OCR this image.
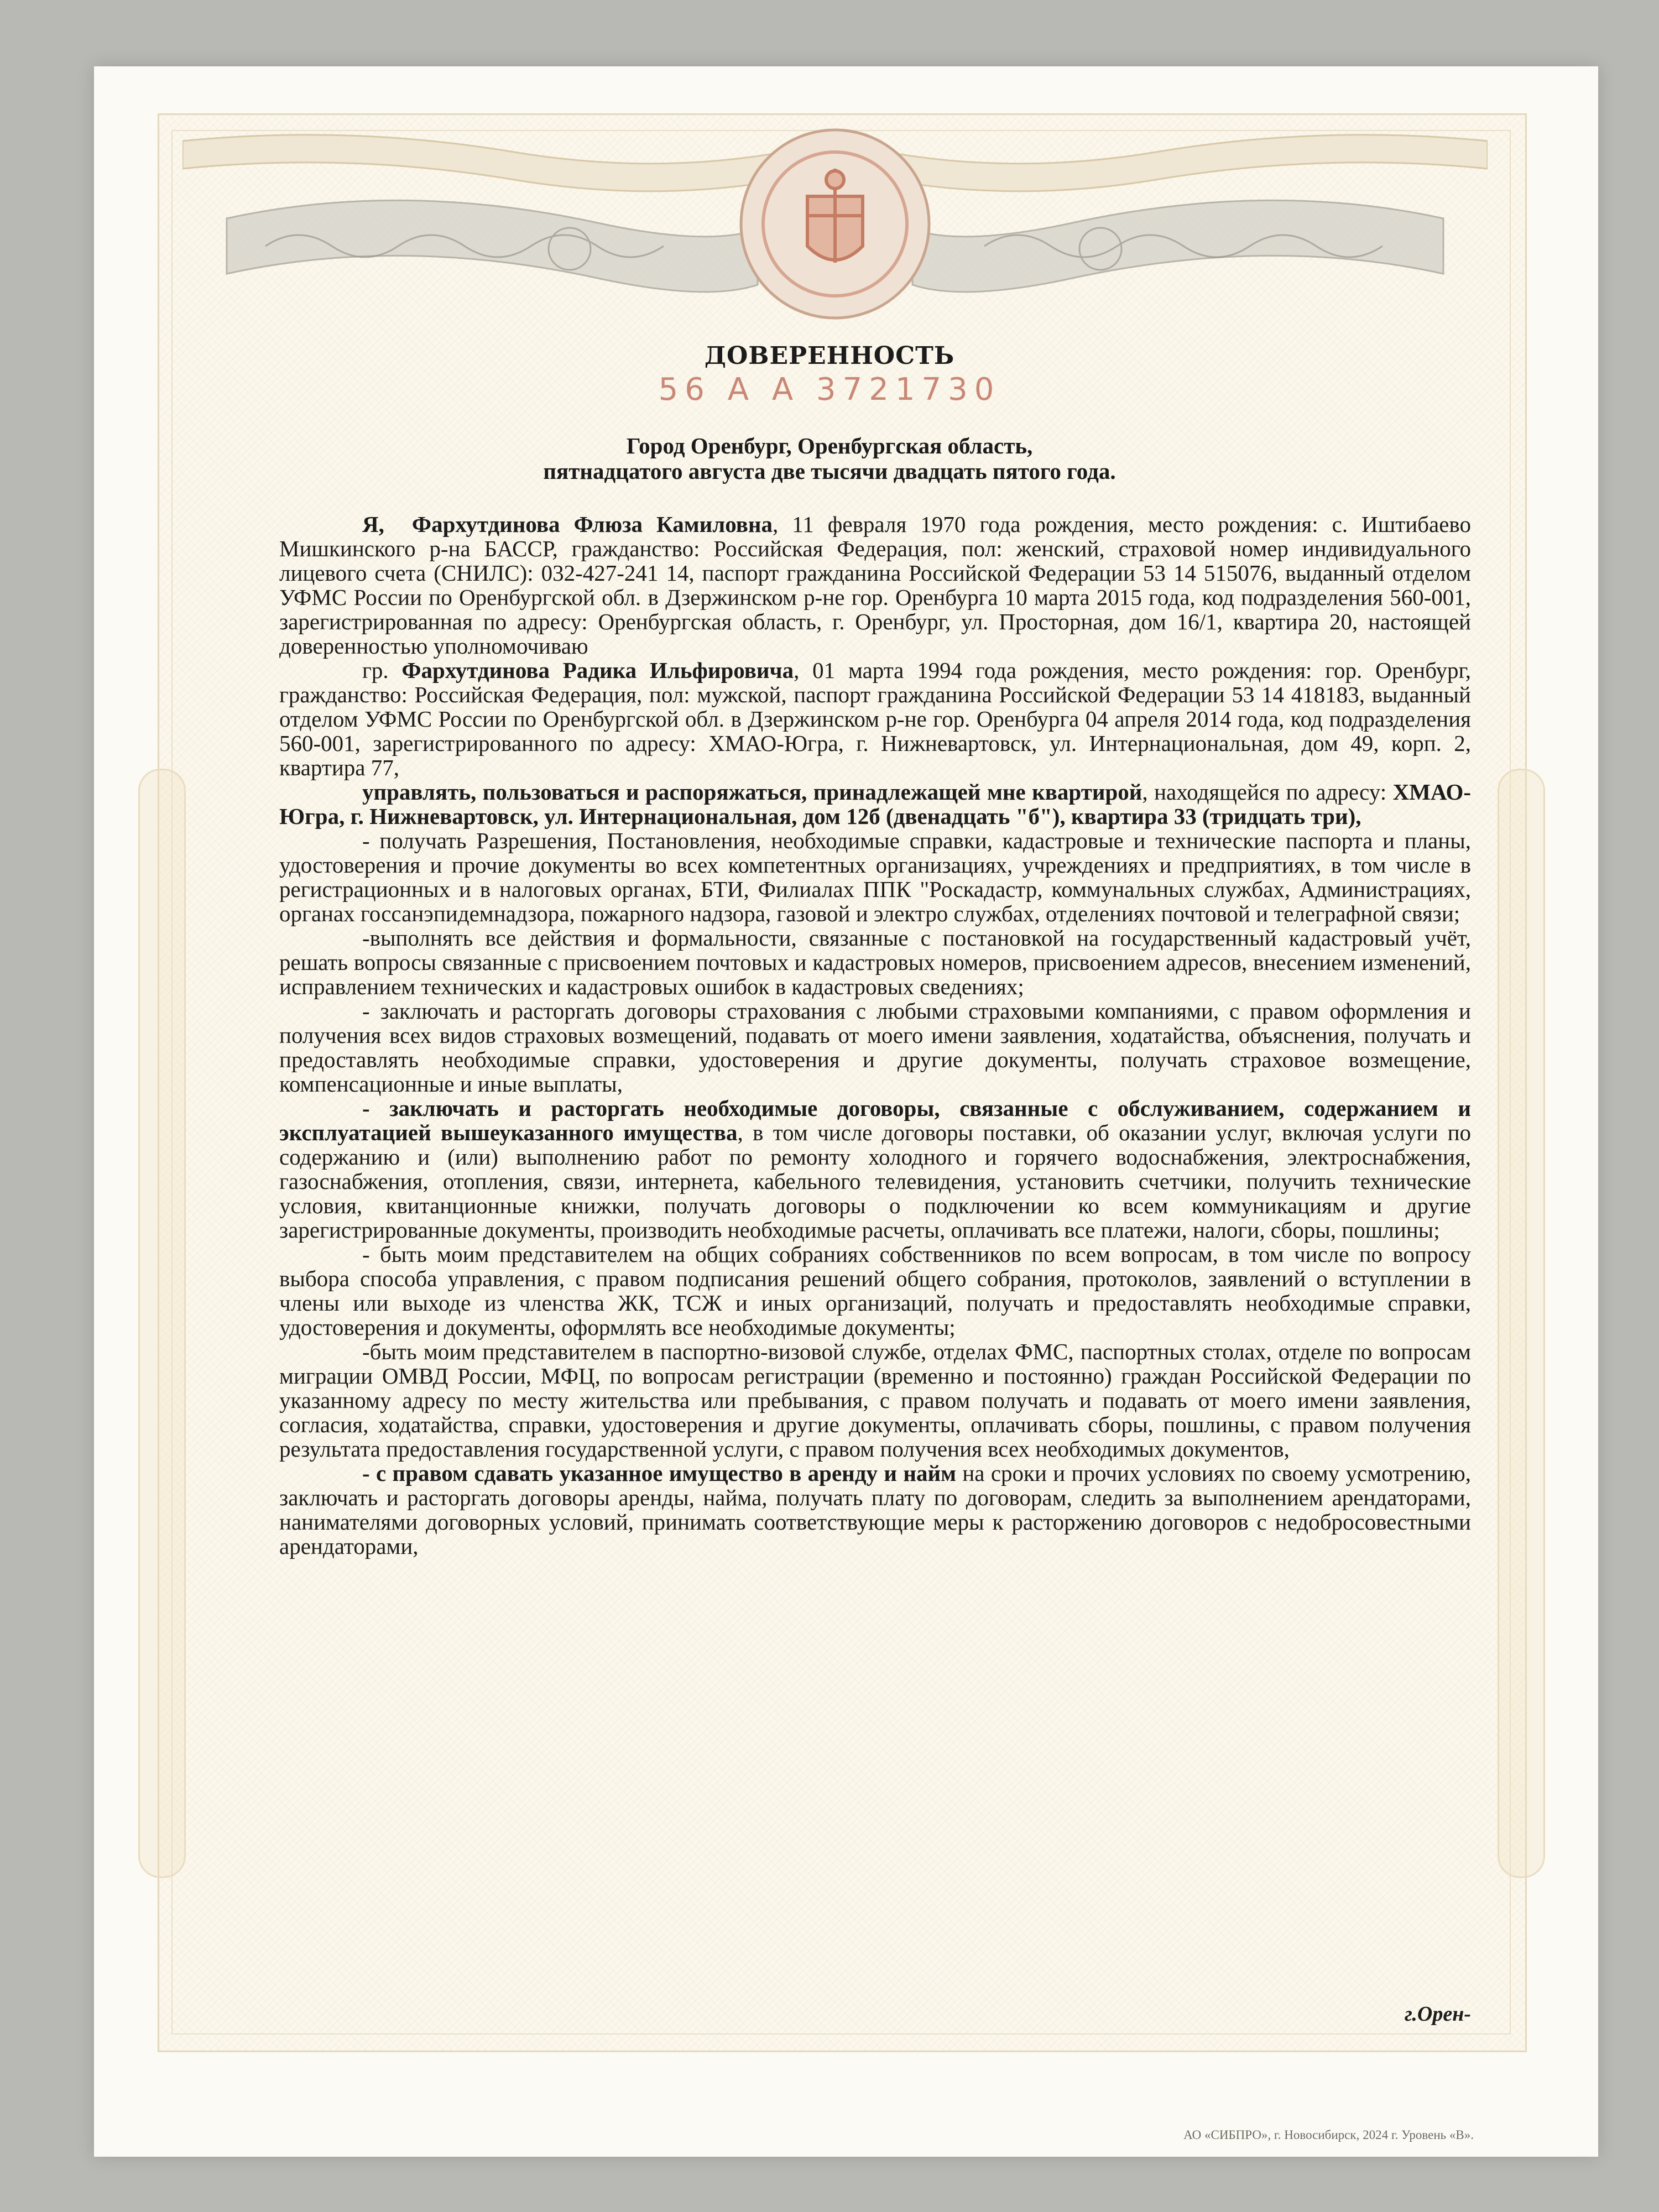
ДОВЕРЕННОСТЬ
56 А А 3721730
Город Оренбург, Оренбургская область,
пятнадцатого августа две тысячи двадцать пятого года.

Я, Фархутдинова Флюза Камиловна, 11 февраля 1970 года рождения, место рождения: с. Иштибаево Мишкинского р-на БАССР, гражданство: Российская Федерация, пол: женский, страховой номер индивидуального лицевого счета (СНИЛС): 032-427-241 14, паспорт гражданина Российской Федерации 53 14 515076, выданный отделом УФМС России по Оренбургской обл. в Дзержинском р-не гор. Оренбурга 10 марта 2015 года, код подразделения 560-001, зарегистрированная по адресу: Оренбургская область, г. Оренбург, ул. Просторная, дом 16/1, квартира 20, настоящей доверенностью уполномочиваю

гр. Фархутдинова Радика Ильфировича, 01 марта 1994 года рождения, место рождения: гор. Оренбург, гражданство: Российская Федерация, пол: мужской, паспорт гражданина Российской Федерации 53 14 418183, выданный отделом УФМС России по Оренбургской обл. в Дзержинском р-не гор. Оренбурга 04 апреля 2014 года, код подразделения 560-001, зарегистрированного по адресу: ХМАО-Югра, г. Нижневартовск, ул. Интернациональная, дом 49, корп. 2, квартира 77,

управлять, пользоваться и распоряжаться, принадлежащей мне квартирой, находящейся по адресу: ХМАО-Югра, г. Нижневартовск, ул. Интернациональная, дом 12б (двенадцать "б"), квартира 33 (тридцать три),

- получать Разрешения, Постановления, необходимые справки, кадастровые и технические паспорта и планы, удостоверения и прочие документы во всех компетентных организациях, учреждениях и предприятиях, в том числе в регистрационных и в налоговых органах, БТИ, Филиалах ППК "Роскадастр, коммунальных службах, Администрациях, органах госсанэпидемнадзора, пожарного надзора, газовой и электро службах, отделениях почтовой и телеграфной связи;

-выполнять все действия и формальности, связанные с постановкой на государственный кадастровый учёт, решать вопросы связанные с присвоением почтовых и кадастровых номеров, присвоением адресов, внесением изменений, исправлением технических и кадастровых ошибок в кадастровых сведениях;

- заключать и расторгать договоры страхования с любыми страховыми компаниями, с правом оформления и получения всех видов страховых возмещений, подавать от моего имени заявления, ходатайства, объяснения, получать и предоставлять необходимые справки, удостоверения и другие документы, получать страховое возмещение, компенсационные и иные выплаты,

- заключать и расторгать необходимые договоры, связанные с обслуживанием, содержанием и эксплуатацией вышеуказанного имущества, в том числе договоры поставки, об оказании услуг, включая услуги по содержанию и (или) выполнению работ по ремонту холодного и горячего водоснабжения, электроснабжения, газоснабжения, отопления, связи, интернета, кабельного телевидения, установить счетчики, получить технические условия, квитанционные книжки, получать договоры о подключении ко всем коммуникациям и другие зарегистрированные документы, производить необходимые расчеты, оплачивать все платежи, налоги, сборы, пошлины;

- быть моим представителем на общих собраниях собственников по всем вопросам, в том числе по вопросу выбора способа управления, с правом подписания решений общего собрания, протоколов, заявлений о вступлении в члены или выходе из членства ЖК, ТСЖ и иных организаций, получать и предоставлять необходимые справки, удостоверения и документы, оформлять все необходимые документы;

-быть моим представителем в паспортно-визовой службе, отделах ФМС, паспортных столах, отделе по вопросам миграции ОМВД России, МФЦ, по вопросам регистрации (временно и постоянно) граждан Российской Федерации по указанному адресу по месту жительства или пребывания, с правом получать и подавать от моего имени заявления, согласия, ходатайства, справки, удостоверения и другие документы, оплачивать сборы, пошлины, с правом получения результата предоставления государственной услуги, с правом получения всех необходимых документов,

- с правом сдавать указанное имущество в аренду и найм на сроки и прочих условиях по своему усмотрению, заключать и расторгать договоры аренды, найма, получать плату по договорам, следить за выполнением арендаторами, нанимателями договорных условий, принимать соответствующие меры к расторжению договоров с недобросовестными арендаторами,

г.Орен-
АО «СИБПРО», г. Новосибирск, 2024 г. Уровень «В».
